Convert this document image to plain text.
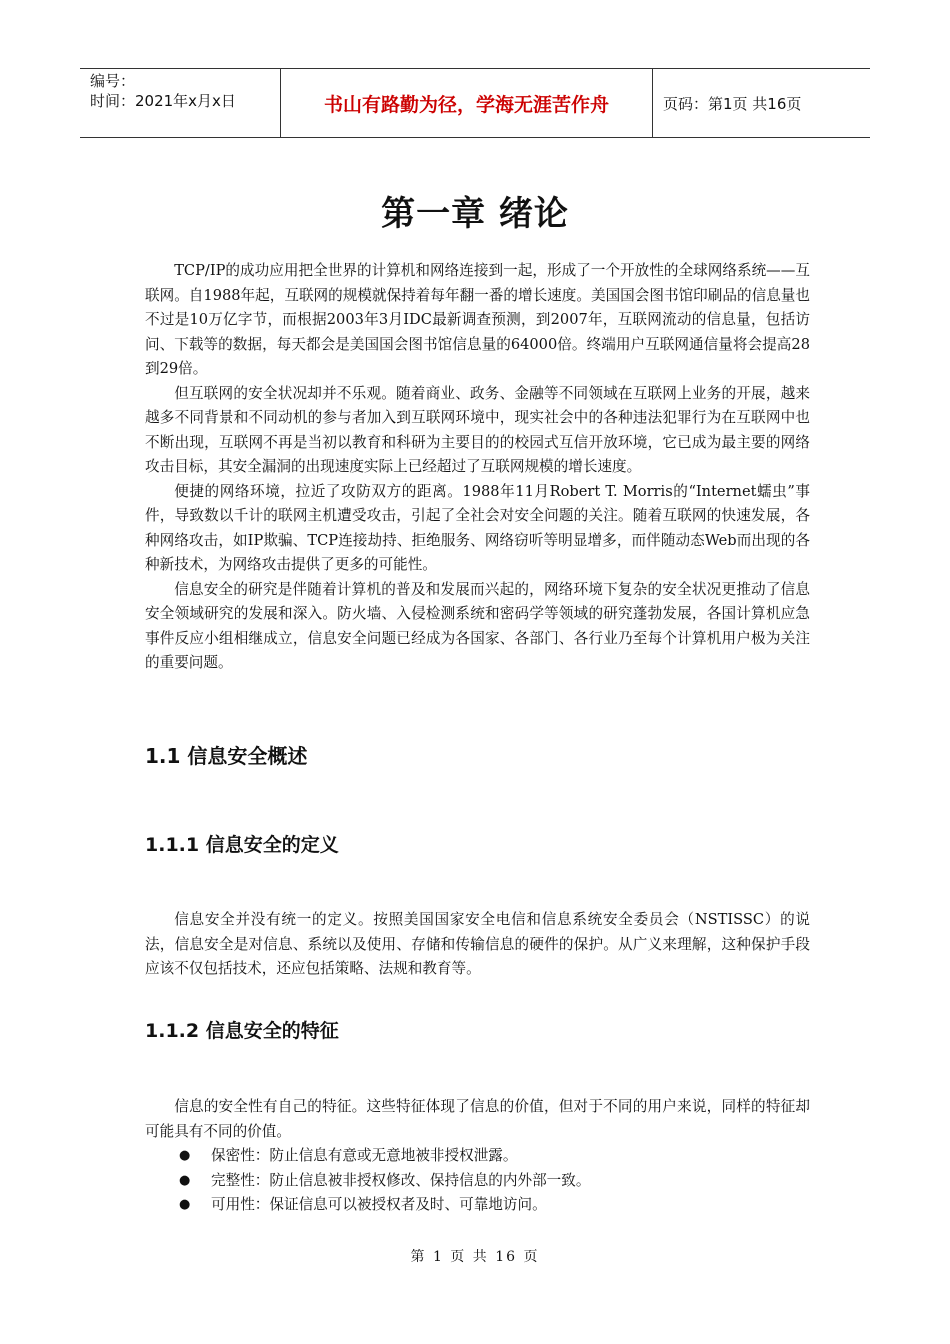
编号：
时间：2021年x月x日	书山有路勤为径，学海无涯苦作舟	页码：第1页 共16页
第一章 绪论

TCP/IP的成功应用把全世界的计算机和网络连接到一起，形成了一个开放性的全球网络系统——互联网。自1988年起，互联网的规模就保持着每年翻一番的增长速度。美国国会图书馆印刷品的信息量也不过是10万亿字节，而根据2003年3月IDC最新调查预测，到2007年，互联网流动的信息量，包括访问、下载等的数据，每天都会是美国国会图书馆信息量的64000倍。终端用户互联网通信量将会提高28到29倍。

但互联网的安全状况却并不乐观。随着商业、政务、金融等不同领域在互联网上业务的开展，越来越多不同背景和不同动机的参与者加入到互联网环境中，现实社会中的各种违法犯罪行为在互联网中也不断出现，互联网不再是当初以教育和科研为主要目的的校园式互信开放环境，它已成为最主要的网络攻击目标，其安全漏洞的出现速度实际上已经超过了互联网规模的增长速度。

便捷的网络环境，拉近了攻防双方的距离。1988年11月Robert T. Morris的“Internet蠕虫”事件，导致数以千计的联网主机遭受攻击，引起了全社会对安全问题的关注。随着互联网的快速发展，各种网络攻击，如IP欺骗、TCP连接劫持、拒绝服务、网络窃听等明显增多，而伴随动态Web而出现的各种新技术，为网络攻击提供了更多的可能性。

信息安全的研究是伴随着计算机的普及和发展而兴起的，网络环境下复杂的安全状况更推动了信息安全领域研究的发展和深入。防火墙、入侵检测系统和密码学等领域的研究蓬勃发展，各国计算机应急事件反应小组相继成立，信息安全问题已经成为各国家、各部门、各行业乃至每个计算机用户极为关注的重要问题。

1.1 信息安全概述
1.1.1 信息安全的定义

信息安全并没有统一的定义。按照美国国家安全电信和信息系统安全委员会（NSTISSC）的说法，信息安全是对信息、系统以及使用、存储和传输信息的硬件的保护。从广义来理解，这种保护手段应该不仅包括技术，还应包括策略、法规和教育等。

1.1.2 信息安全的特征

信息的安全性有自己的特征。这些特征体现了信息的价值，但对于不同的用户来说，同样的特征却可能具有不同的价值。

●	保密性：防止信息有意或无意地被非授权泄露。
●	完整性：防止信息被非授权修改、保持信息的内外部一致。
●	可用性：保证信息可以被授权者及时、可靠地访问。
第 1 页 共 16 页
